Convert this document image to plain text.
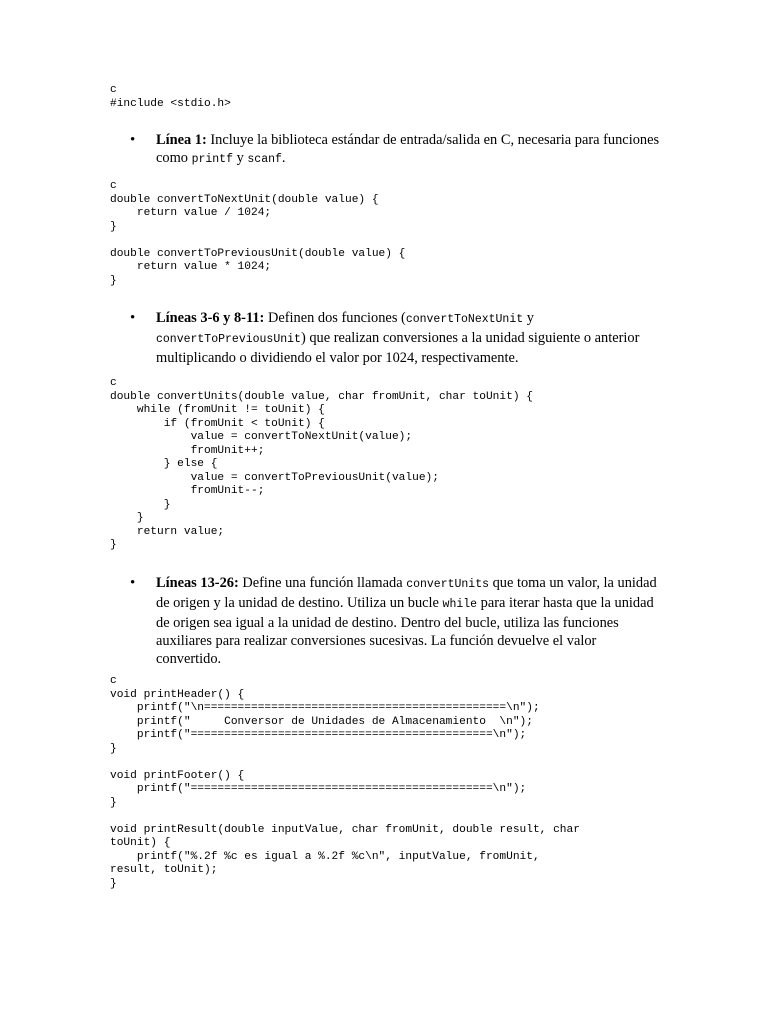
c
#include <stdio.h>

• Línea 1: Incluye la biblioteca estándar de entrada/salida en C, necesaria para funciones como printf y scanf.

c
double convertToNextUnit(double value) {
return value / 1024;
}

double convertToPreviousUnit(double value) {
return value * 1024;
}

• Líneas 3-6 y 8-11: Definen dos funciones (convertToNextUnit y convertToPreviousUnit) que realizan conversiones a la unidad siguiente o anterior multiplicando o dividiendo el valor por 1024, respectivamente.

c
double convertUnits(double value, char fromUnit, char toUnit) {
while (fromUnit != toUnit) {
if (fromUnit < toUnit) {
value = convertToNextUnit(value);
fromUnit++;
} else {
value = convertToPreviousUnit(value);
fromUnit--;
}
}
return value;
}

• Líneas 13-26: Define una función llamada convertUnits que toma un valor, la unidad de origen y la unidad de destino. Utiliza un bucle while para iterar hasta que la unidad de origen sea igual a la unidad de destino. Dentro del bucle, utiliza las funciones auxiliares para realizar conversiones sucesivas. La función devuelve el valor convertido.

c
void printHeader() {
printf("\n=============================================\n");
printf("     Conversor de Unidades de Almacenamiento  \n");
printf("=============================================\n");
}

void printFooter() {
printf("=============================================\n");
}

void printResult(double inputValue, char fromUnit, double result, char
toUnit) {
printf("%.2f %c es igual a %.2f %c\n", inputValue, fromUnit,
result, toUnit);
}
